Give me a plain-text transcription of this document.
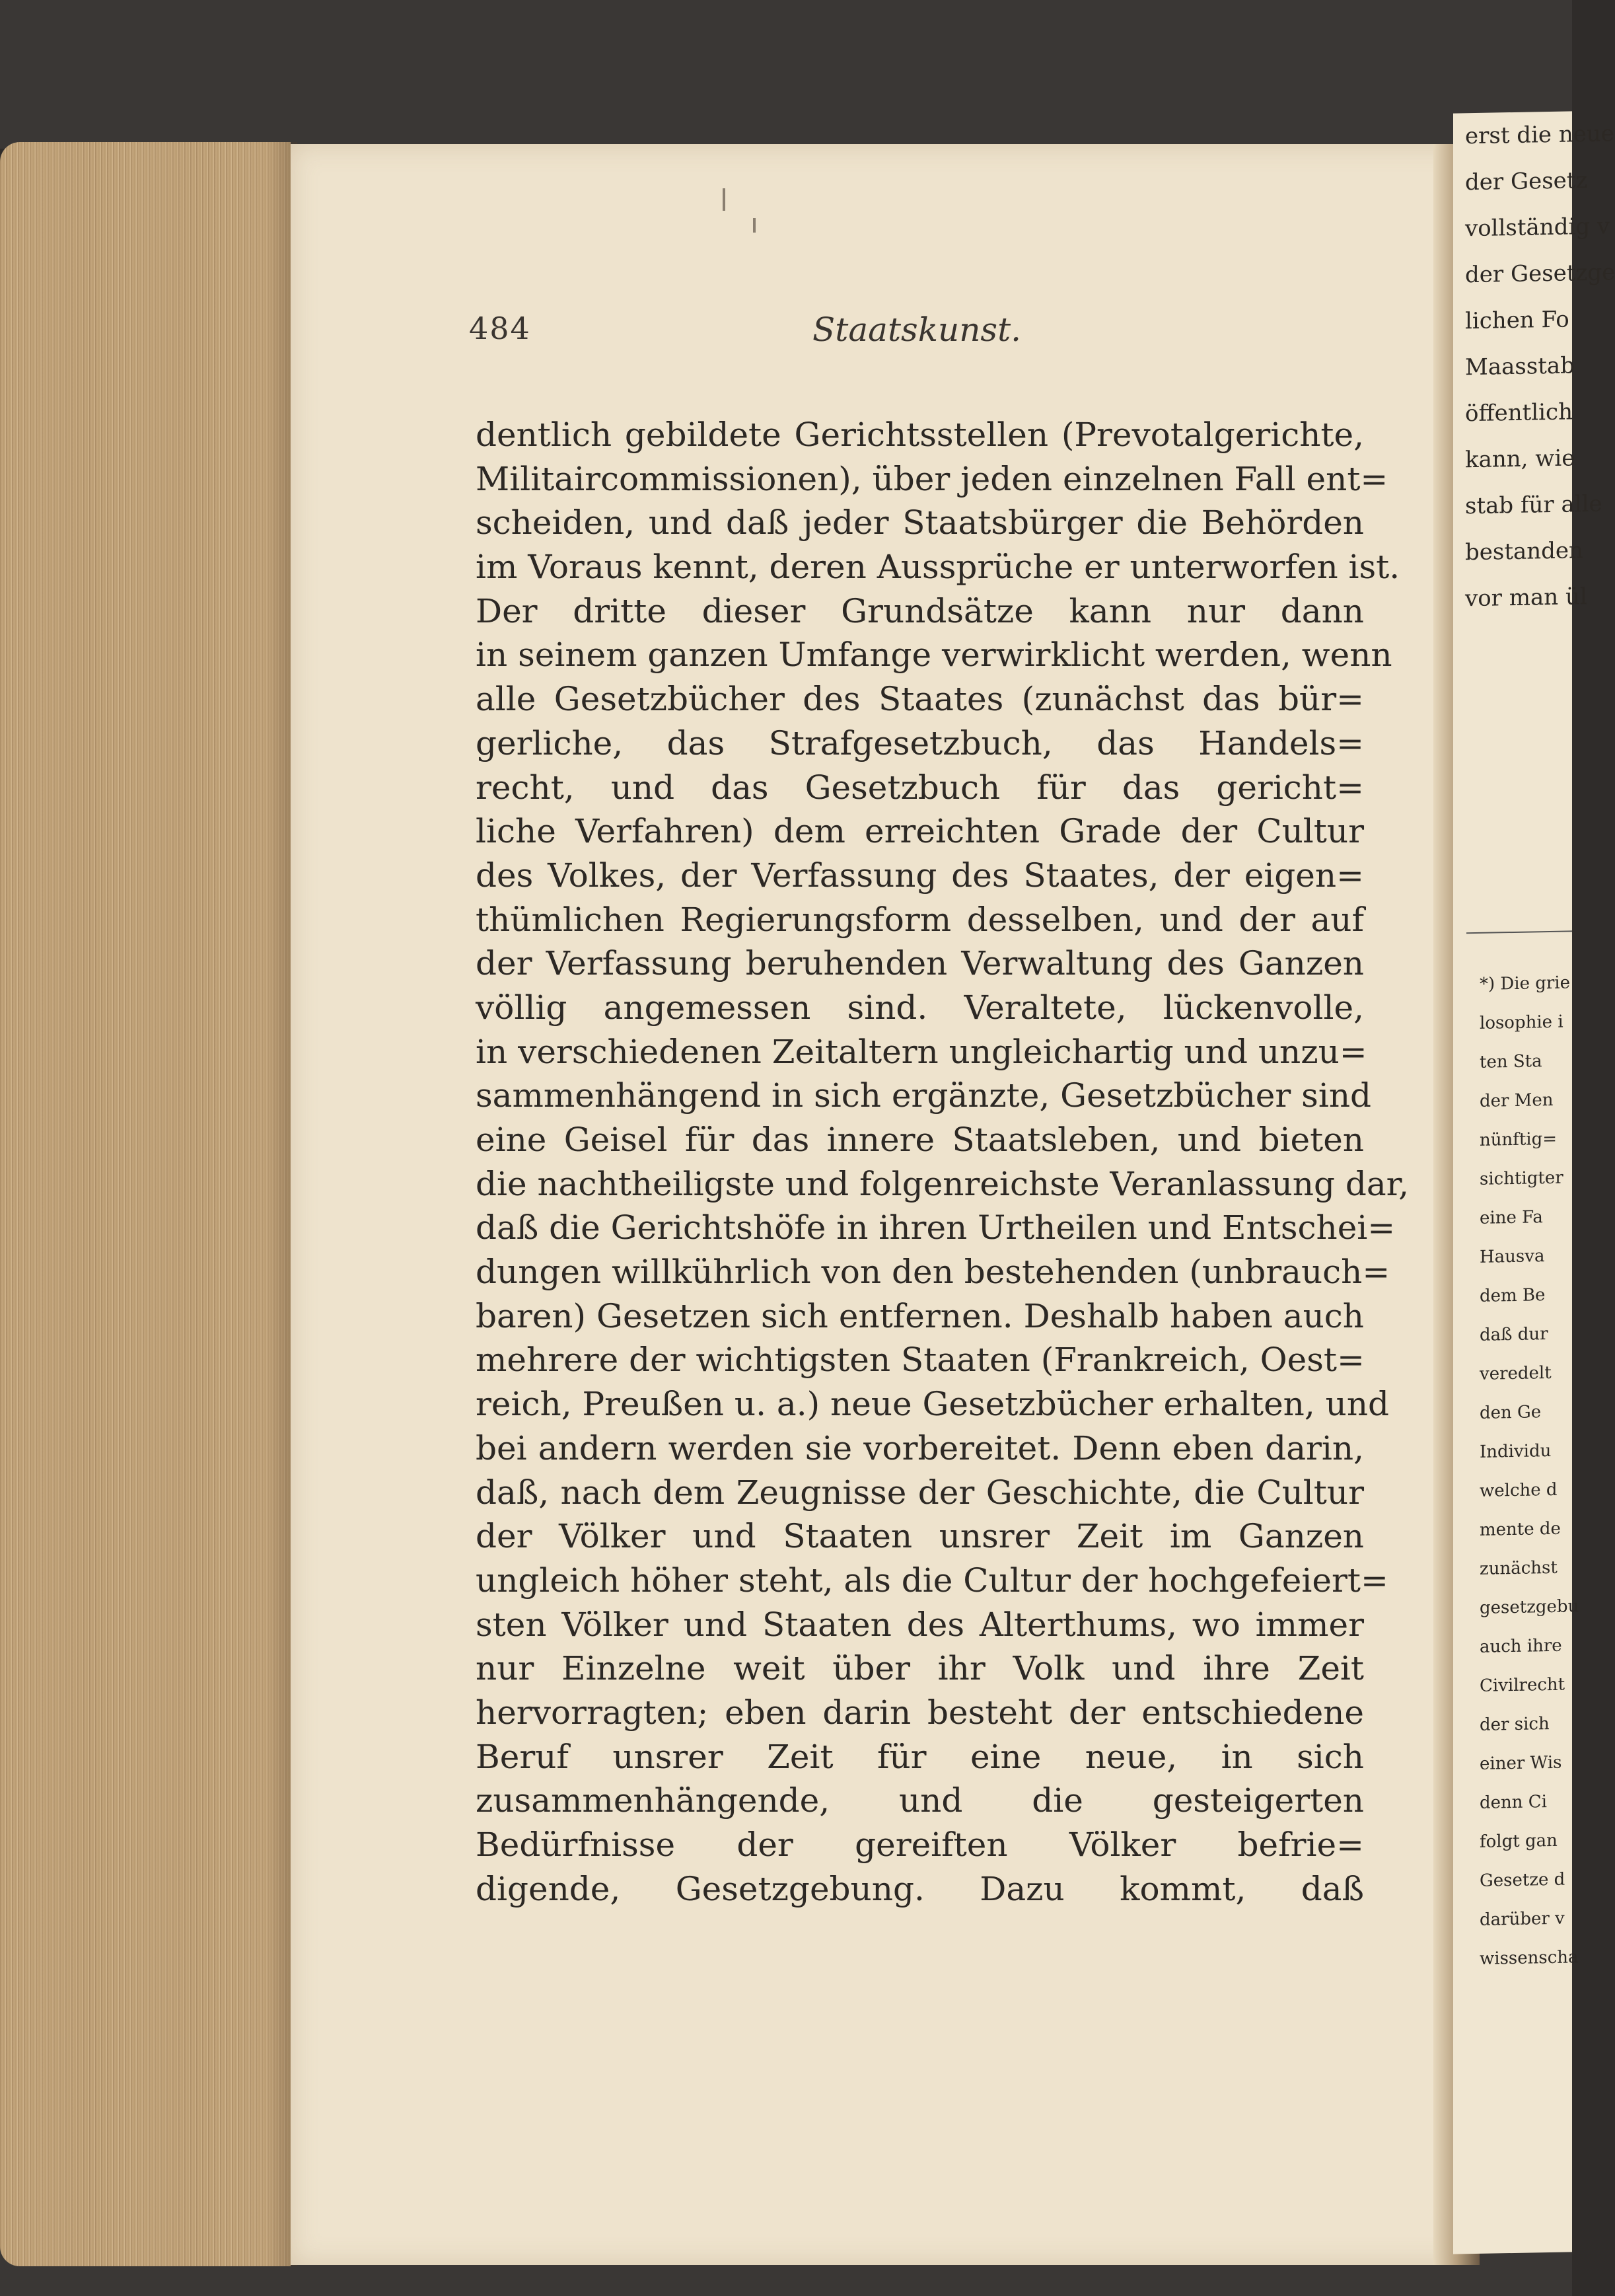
484	Staatskunst.
dentlich gebildete Gerichtsstellen (Prevotalgerichte,
Militaircommissionen), über jeden einzelnen Fall ent=
scheiden, und daß jeder Staatsbürger die Behörden
im Voraus kennt, deren Aussprüche er unterworfen ist.
Der dritte dieser Grundsätze kann nur dann
in seinem ganzen Umfange verwirklicht werden, wenn
alle Gesetzbücher des Staates (zunächst das bür=
gerliche, das Strafgesetzbuch, das Handels=
recht, und das Gesetzbuch für das gericht=
liche Verfahren) dem erreichten Grade der Cultur
des Volkes, der Verfassung des Staates, der eigen=
thümlichen Regierungsform desselben, und der auf
der Verfassung beruhenden Verwaltung des Ganzen
völlig angemessen sind. Veraltete, lückenvolle,
in verschiedenen Zeitaltern ungleichartig und unzu=
sammenhängend in sich ergänzte, Gesetzbücher sind
eine Geisel für das innere Staatsleben, und bieten
die nachtheiligste und folgenreichste Veranlassung dar,
daß die Gerichtshöfe in ihren Urtheilen und Entschei=
dungen willkührlich von den bestehenden (unbrauch=
baren) Gesetzen sich entfernen. Deshalb haben auch
mehrere der wichtigsten Staaten (Frankreich, Oest=
reich, Preußen u. a.) neue Gesetzbücher erhalten, und
bei andern werden sie vorbereitet. Denn eben darin,
daß, nach dem Zeugnisse der Geschichte, die Cultur
der Völker und Staaten unsrer Zeit im Ganzen
ungleich höher steht, als die Cultur der hochgefeiert=
sten Völker und Staaten des Alterthums, wo immer
nur Einzelne weit über ihr Volk und ihre Zeit
hervorragten; eben darin besteht der entschiedene
Beruf unsrer Zeit für eine neue, in sich
zusammenhängende, und die gesteigerten
Bedürfnisse der gereiften Völker befrie=
digende, Gesetzgebung. Dazu kommt, daß
erst die neue
der Gesetz
vollständig v
der Gesetzge
lichen Fo
Maasstab
öffentlich
kann, wie
stab für alle
bestanden
vor man ül
*) Die grie
losophie i
ten Sta
der Men
nünftig=
sichtigter
eine Fa
Hausva
dem Be
daß dur
veredelt
den Ge
Individu
welche d
mente de
zunächst
gesetzgebu
auch ihre
Civilrecht
der sich
einer Wis
denn Ci
folgt gan
Gesetze d
darüber v
wissenscha
